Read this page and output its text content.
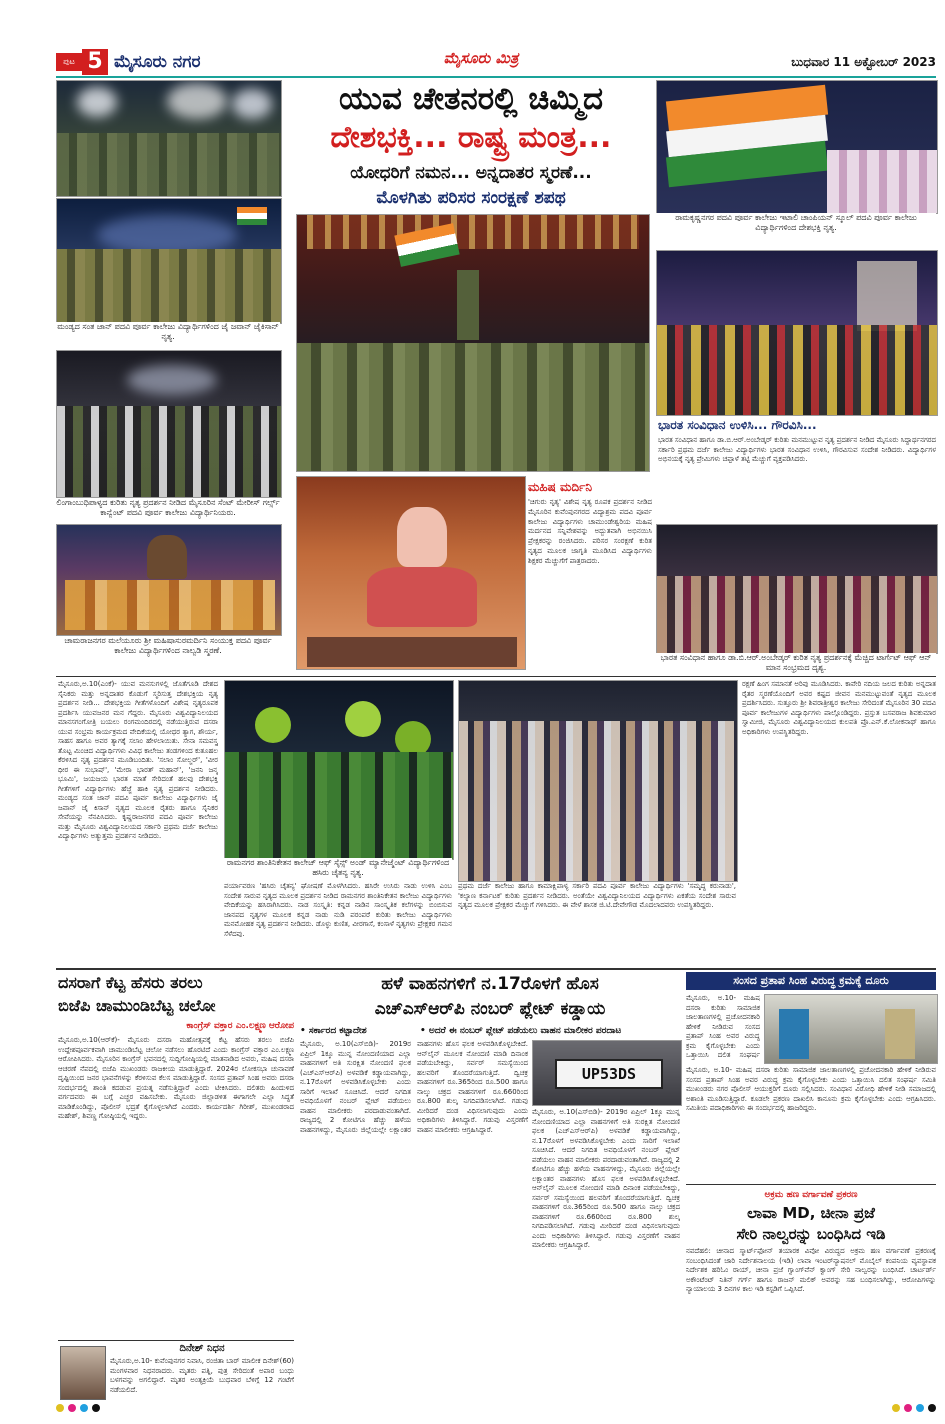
ಪುಟ 5 ಮೈಸೂರು ನಗರ	ಮೈಸೂರು ಮಿತ್ರ	ಬುಧವಾರ 11 ಅಕ್ಟೋಬರ್ 2023
ಮಂಡ್ಯದ ಸಂತ ಜಾನ್ ಪದವಿ ಪೂರ್ವ ಕಾಲೇಜು ವಿದ್ಯಾರ್ಥಿಗಳಿಂದ ಜೈ ಜವಾನ್ ಜೈಕಿಸಾನ್ ನೃತ್ಯ.
ಲಿಂಗಾಂಬುಧಿಪಾಳ್ಯದ ಕುರಿತು ನೃತ್ಯ ಪ್ರದರ್ಶನ ನೀಡಿದ ಮೈಸೂರಿನ ಸೆಂಟ್ ಮೇರೀಸ್ ಗರ್ಲ್ಸ್ ಕಾನ್ವೆಂಟ್ ಪದವಿ ಪೂರ್ವ ಕಾಲೇಜು ವಿದ್ಯಾರ್ಥಿನಿಯರು.
ಚಾಮರಾಜನಗರ ಮಲೆಯೂರು ಶ್ರೀ ಮಹಿಷಾಸುರಮರ್ದಿನಿ ಸಂಯುಕ್ತ ಪದವಿ ಪೂರ್ವ ಕಾಲೇಜು ವಿದ್ಯಾರ್ಥಿಗಳಿಂದ ನಾಲ್ವಡಿ ಸ್ಮರಣೆ.
ಯುವ ಚೇತನರಲ್ಲಿ ಚಿಮ್ಮಿದ
ದೇಶಭಕ್ತಿ... ರಾಷ್ಟ್ರ ಮಂತ್ರ...
ಯೋಧರಿಗೆ ನಮನ... ಅನ್ನದಾತರ ಸ್ಮರಣೆ...
ಮೊಳಗಿತು ಪರಿಸರ ಸಂರಕ್ಷಣೆ ಶಪಥ
ರಾಮಕೃಷ್ಣನಗರ ಪದವಿ ಪೂರ್ವ ಕಾಲೇಜು ಇಟಾಲಿ ಚಾಂಪಿಯನ್ ಸ್ಕೂಲ್ ಪದವಿ ಪೂರ್ವ ಕಾಲೇಜು ವಿದ್ಯಾರ್ಥಿಗಳಿಂದ ದೇಶಭಕ್ತಿ ನೃತ್ಯ.
ಭಾರತ ಸಂವಿಧಾನ ಉಳಿಸಿ... ಗೌರವಿಸಿ...
ಭಾರತ ಸಂವಿಧಾನ ಹಾಗೂ ಡಾ.ಬಿ.ಆರ್.ಅಂಬೇಡ್ಕರ್ ಕುರಿತು ಮನಮುಟ್ಟುವ ನೃತ್ಯ ಪ್ರದರ್ಶನ ನೀಡಿದ ಮೈಸೂರು ಸಿದ್ಧಾರ್ಥನಗರದ ಸರ್ಕಾರಿ ಪ್ರಥಮ ದರ್ಜೆ ಕಾಲೇಜು ವಿದ್ಯಾರ್ಥಿಗಳು ಭಾರತ ಸಂವಿಧಾನ ಉಳಿಸಿ, ಗೌರವಿಸುವ ಸಂದೇಶ ನೀಡಿದರು. ವಿದ್ಯಾರ್ಥಿಗಳ ಅಭಿನಯಕ್ಕೆ ನೃತ್ಯ ಪ್ರೇಮಿಗಳು ಚಪ್ಪಾಳೆ ತಟ್ಟಿ ಮೆಚ್ಚುಗೆ ವ್ಯಕ್ತಪಡಿಸಿದರು.
ಭಾರತ ಸಂವಿಧಾನ ಹಾಗೂ ಡಾ.ಬಿ.ಆರ್.ಅಂಬೇಡ್ಕರ್ ಕುರಿತ ನೃತ್ಯ ಪ್ರದರ್ಶನಕ್ಕೆ ಮೆಚ್ಚಿದ ಟಾರ್ಗೆಟ್ ಆಫ್ ಆನ್ ಮಾನ ಸಂಭ್ರಮದ ದೃಶ್ಯ.
ಮಹಿಷ ಮರ್ದಿನಿ
'ಚಿಗುರು ನೃತ್ಯ' ವಿಶೇಷ ನೃತ್ಯ ರೂಪಕ ಪ್ರದರ್ಶನ ನೀಡಿದ ಮೈಸೂರಿನ ಕುವೆಂಪುನಗರದ ವಿದ್ಯಾಶ್ರಮ ಪದವಿ ಪೂರ್ವ ಕಾಲೇಜು ವಿದ್ಯಾರ್ಥಿಗಳು ಚಾಮುಂಡೇಶ್ವರಿಯ ಮಹಿಷ ಮರ್ದನದ ಸನ್ನಿವೇಶವನ್ನು ಅದ್ಭುತವಾಗಿ ಅಭಿನಯಿಸಿ ಪ್ರೇಕ್ಷಕರನ್ನು ರಂಜಿಸಿದರು. ಪರಿಸರ ಸಂರಕ್ಷಣೆ ಕುರಿತ ನೃತ್ಯದ ಮೂಲಕ ಜಾಗೃತಿ ಮೂಡಿಸಿದ ವಿದ್ಯಾರ್ಥಿಗಳು ಶಿಕ್ಷಕರ ಮೆಚ್ಚುಗೆಗೆ ಪಾತ್ರರಾದರು.
ಮೈಸೂರು,ಅ.10(ಎಂಕೆ)- ಯುವ ಮನಸುಗಳಲ್ಲಿ ಜೊತೆಗೂಡಿ ದೇಶದ ಸೈನಿಕರು ಮತ್ತು ಅನ್ನದಾತರ ಕೊಡುಗೆ ಸ್ಮರಿಸುತ್ತ ದೇಶಭಕ್ತಿಯ ನೃತ್ಯ ಪ್ರದರ್ಶನ ನೀಡಿ... ದೇಶಭಕ್ತಿಯ ಗೀತೆಗಳೊಂದಿಗೆ ವಿಶೇಷ ನೃತ್ಯರೂಪಕ ಪ್ರದರ್ಶಿಸಿ ಯುವಜನರ ಮನ ಗೆದ್ದರು. ಮೈಸೂರು ವಿಶ್ವವಿದ್ಯಾನಿಲಯದ ಮಾನಸಗಂಗೋತ್ರಿ ಬಯಲು ರಂಗಮಂದಿರದಲ್ಲಿ ನಡೆಯುತ್ತಿರುವ ದಸರಾ ಯುವ ಸಂಭ್ರಮ ಕಾರ್ಯಕ್ರಮದ ವೇದಿಕೆಯಲ್ಲಿ ಯೋಧರ ತ್ಯಾಗ, ಶೌರ್ಯ, ಸಾಹಸ ಹಾಗೂ ಅವರ ತ್ಯಾಗಕ್ಕೆ ಸಲಾಂ ಹೇಳಲಾಯಿತು. ಸೇನಾ ಸಮವಸ್ತ್ರ ತೊಟ್ಟ ಮಿಂಚಿದ ವಿದ್ಯಾರ್ಥಿಗಳು ವಿವಿಧ ಕಾಲೇಜು ತಂಡಗಳಿಂದ ಕುತೂಹಲ ಕೆರಳಿಸಿದ ನೃತ್ಯ ಪ್ರದರ್ಶನ ಮೂಡಿಬಂದಿತು. 'ಸಲಾಂ ಸೋಲ್ಜರ್', 'ವೀರ ಧೀರ ಈ ಸುಭಾಷ್', 'ಮೇರಾ ಭಾರತ್ ಮಹಾನ್', 'ಜನನಿ ಜನ್ಮ ಭೂಮಿ', ಜಯಜಯ ಭಾರತ ಮಾತೆ ಸೇರಿದಂತೆ ಹಲವು ದೇಶಭಕ್ತಿ ಗೀತೆಗಳಿಗೆ ವಿದ್ಯಾರ್ಥಿಗಳು ಹೆಜ್ಜೆ ಹಾಕಿ ನೃತ್ಯ ಪ್ರದರ್ಶನ ನೀಡಿದರು. ಮಂಡ್ಯದ ಸಂತ ಜಾನ್ ಪದವಿ ಪೂರ್ವ ಕಾಲೇಜು ವಿದ್ಯಾರ್ಥಿಗಳು ಜೈ ಜವಾನ್ ಜೈ ಕಿಸಾನ್ ನೃತ್ಯದ ಮೂಲಕ ರೈತರು ಹಾಗೂ ಸೈನಿಕರ ಸೇವೆಯನ್ನು ನೆನಪಿಸಿದರು. ಕೃಷ್ಣರಾಜನಗರ ಪದವಿ ಪೂರ್ವ ಕಾಲೇಜು ಮತ್ತು ಮೈಸೂರು ವಿಶ್ವವಿದ್ಯಾನಿಲಯದ ಸರ್ಕಾರಿ ಪ್ರಥಮ ದರ್ಜೆ ಕಾಲೇಜು ವಿದ್ಯಾರ್ಥಿಗಳು ಅತ್ಯುತ್ತಮ ಪ್ರದರ್ಶನ ನೀಡಿದರು.
ರಾಮನಗರ ಶಾಂತಿನಿಕೇತನ ಕಾಲೇಜ್ ಆಫ್ ಸೈನ್ಸ್ ಅಂಡ್ ಮ್ಯಾನೇಜ್ಮೆಂಟ್ ವಿದ್ಯಾರ್ಥಿಗಳಿಂದ ಹಸಿರು ಚೈತನ್ಯ ನೃತ್ಯ.
ರಕ್ಷಣೆ ಹಿಂಗ ಸಮಾನತೆ ಅರಿವು ಮೂಡಿಸಿದರು. ಕಾವೇರಿ ನದಿಯ ಜಲದ ಕುರಿತು ಅನ್ನದಾತ ರೈತರ ಸ್ಮರಣೆಯೊಂದಿಗೆ ಅವರ ಕಷ್ಟದ ಜೀವನ ಮನಮುಟ್ಟುವಂತೆ ನೃತ್ಯದ ಮೂಲಕ ಪ್ರದರ್ಶಿಸಿದರು. ಸುತ್ತೂರು ಶ್ರೀ ಶಿವರಾತ್ರೀಶ್ವರ ಕಾಲೇಜು ಸೇರಿದಂತೆ ಮೈಸೂರಿನ 30 ಪದವಿ ಪೂರ್ವ ಕಾಲೇಜುಗಳ ವಿದ್ಯಾರ್ಥಿಗಳು ಪಾಲ್ಗೊಂಡಿದ್ದರು. ಪ್ರಸ್ತುತ ಬಸವರಾಜ ಶಿವಕುಮಾರ ಸ್ವಾಮೀಜಿ, ಮೈಸೂರು ವಿಶ್ವವಿದ್ಯಾನಿಲಯದ ಕುಲಪತಿ ಪ್ರೊ.ಎನ್.ಕೆ.ಲೋಕನಾಥ್ ಹಾಗೂ ಅಧಿಕಾರಿಗಳು ಉಪಸ್ಥಿತರಿದ್ದರು.
ಪರ್ಯಾವರಣ 'ಹಸಿರು ಚೈತನ್ಯ' ಘೋಷಣೆ ಮೊಳಗಿಸಿದರು. ಹಸಿರೇ ಉಸಿರು ನಾಡು ಉಳಿಸಿ ಎಂಬ ಸಂದೇಶ ಸಾರುವ ನೃತ್ಯದ ಮೂಲಕ ಪ್ರದರ್ಶನ ನೀಡಿದ ರಾಮನಗರ ಶಾಂತಿನಿಕೇತನ ಕಾಲೇಜು ವಿದ್ಯಾರ್ಥಿಗಳು ವೇದಿಕೆಯನ್ನು ಹಸಿರಾಗಿಸಿದರು. ನಾಡ ಸಂಸ್ಕೃತಿ: ಕನ್ನಡ ನಾಡಿನ ಸಾಂಸ್ಕೃತಿಕ ಕಲೆಗಳನ್ನು ಬಿಂಬಿಸುವ ಜಾನಪದ ನೃತ್ಯಗಳ ಮೂಲಕ ಕನ್ನಡ ನಾಡು ನುಡಿ ಪರಂಪರೆ ಕುರಿತು ಕಾಲೇಜು ವಿದ್ಯಾರ್ಥಿಗಳು ಮನಮೋಹಕ ನೃತ್ಯ ಪ್ರದರ್ಶನ ನೀಡಿದರು. ಡೊಳ್ಳು ಕುಣಿತ, ವೀರಗಾಸೆ, ಕಂಸಾಳೆ ನೃತ್ಯಗಳು ಪ್ರೇಕ್ಷಕರ ಗಮನ ಸೆಳೆದವು.
ಪ್ರಥಮ ದರ್ಜೆ ಕಾಲೇಜು ಹಾಗೂ ಕಾಮಾಕ್ಷಿಪಾಳ್ಯ ಸರ್ಕಾರಿ ಪದವಿ ಪೂರ್ವ ಕಾಲೇಜು ವಿದ್ಯಾರ್ಥಿಗಳು 'ಸಮೃದ್ಧ ಕರುನಾಡು', 'ಕಲ್ಯಾಣ ಕರ್ನಾಟಕ' ಕುರಿತು ಪ್ರದರ್ಶನ ನೀಡಿದರು. ಅಂತೆಯೇ ವಿಶ್ವವಿದ್ಯಾನಿಲಯದ ವಿದ್ಯಾರ್ಥಿಗಳು ಏಕತೆಯ ಸಂದೇಶ ಸಾರುವ ನೃತ್ಯದ ಮೂಲಕ ಪ್ರೇಕ್ಷಕರ ಮೆಚ್ಚುಗೆ ಗಳಿಸಿದರು. ಈ ವೇಳೆ ಶಾಸಕ ಜಿ.ಟಿ.ದೇವೇಗೌಡ ಮೊದಲಾದವರು ಉಪಸ್ಥಿತರಿದ್ದರು.
ದಸರಾಗೆ ಕೆಟ್ಟ ಹೆಸರು ತರಲು
ಬಿಜೆಪಿ ಚಾಮುಂಡಿಬೆಟ್ಟ ಚಲೋ
ಕಾಂಗ್ರೆಸ್ ವಕ್ತಾರ ಎಂ.ಲಕ್ಷ್ಮಣ ಆರೋಪ
ಮೈಸೂರು,ಅ.10(ಆರ್‌ಕೆ)- ಮೈಸೂರು ದಸರಾ ಮಹೋತ್ಸವಕ್ಕೆ ಕೆಟ್ಟ ಹೆಸರು ತರಲು ಬಿಜೆಪಿ ಉದ್ದೇಶಪೂರ್ವಕವಾಗಿ ಚಾಮುಂಡಿಬೆಟ್ಟ ಚಲೋ ನಡೆಸಲು ಹೊರಟಿದೆ ಎಂದು ಕಾಂಗ್ರೆಸ್ ವಕ್ತಾರ ಎಂ.ಲಕ್ಷ್ಮಣ ಆರೋಪಿಸಿದರು. ಮೈಸೂರಿನ ಕಾಂಗ್ರೆಸ್ ಭವನದಲ್ಲಿ ಸುದ್ದಿಗೋಷ್ಠಿಯಲ್ಲಿ ಮಾತನಾಡಿದ ಅವರು, ಮಹಿಷ ದಸರಾ ಆಚರಣೆ ನೆಪದಲ್ಲಿ ಬಿಜೆಪಿ ಮುಖಂಡರು ರಾಜಕೀಯ ಮಾಡುತ್ತಿದ್ದಾರೆ. 2024ರ ಲೋಕಸಭಾ ಚುನಾವಣೆ ದೃಷ್ಟಿಯಿಂದ ಜನರ ಭಾವನೆಗಳನ್ನು ಕೆರಳಿಸುವ ಕೆಲಸ ಮಾಡುತ್ತಿದ್ದಾರೆ. ಸಂಸದ ಪ್ರತಾಪ್ ಸಿಂಹ ಅವರು ದಸರಾ ಸಂದರ್ಭದಲ್ಲಿ ಶಾಂತಿ ಕದಡುವ ಪ್ರಯತ್ನ ನಡೆಸುತ್ತಿದ್ದಾರೆ ಎಂದು ಟೀಕಿಸಿದರು. ದಲಿತರು ಹಿಂದುಳಿದ ವರ್ಗದವರು ಈ ಬಗ್ಗೆ ಎಚ್ಚರ ವಹಿಸಬೇಕು. ಮೈಸೂರು ಜಿಲ್ಲಾಡಳಿತ ಈಗಾಗಲೇ ಎಲ್ಲಾ ಸಿದ್ಧತೆ ಮಾಡಿಕೊಂಡಿದ್ದು, ಪೊಲೀಸ್ ಭದ್ರತೆ ಕೈಗೊಳ್ಳಲಾಗಿದೆ ಎಂದರು. ಕಾರ್ಯದರ್ಶಿ ಗಿರೀಶ್, ಮುಖಂಡರಾದ ಮಹೇಶ್, ಶಿವಣ್ಣ ಗೋಷ್ಠಿಯಲ್ಲಿ ಇದ್ದರು.
ದಿನೇಶ್ ನಿಧನ
ಮೈಸೂರು,ಅ.10- ಕುವೆಂಪುನಗರ ನಿವಾಸಿ, ರಂಜಿತಾ ಬಾರ್ ಮಾಲೀಕ ದಿನೇಶ್(60) ಮಂಗಳವಾರ ನಿಧನರಾದರು. ಮೃತರು ಪತ್ನಿ, ಪುತ್ರ ಸೇರಿದಂತೆ ಅಪಾರ ಬಂಧು ಬಳಗವನ್ನು ಅಗಲಿದ್ದಾರೆ. ಮೃತರ ಅಂತ್ಯಕ್ರಿಯೆ ಬುಧವಾರ ಬೆಳಿಗ್ಗೆ 12 ಗಂಟೆಗೆ ನಡೆಯಲಿದೆ.
ಹಳೆ ವಾಹನಗಳಿಗೆ ನ.17ರೊಳಗೆ ಹೊಸ
ಎಚ್‌ಎಸ್‌ಆರ್‌ಪಿ ನಂಬರ್ ಪ್ಲೇಟ್ ಕಡ್ಡಾಯ
• ಸರ್ಕಾರದ ಕಟ್ಟಾದೇಶ	• ಅದರೆ ಈ ನಂಬರ್ ಪ್ಲೇಟ್ ಪಡೆಯಲು ವಾಹನ ಮಾಲೀಕರ ಪರದಾಟ
ಮೈಸೂರು, ಅ.10(ಎಸ್‌ಬಿಡಿ)- 2019ರ ಏಪ್ರಿಲ್ 1ಕ್ಕೂ ಮುನ್ನ ನೋಂದಣಿಯಾದ ಎಲ್ಲಾ ವಾಹನಗಳಿಗೆ ಅತಿ ಸುರಕ್ಷಿತ ನೋಂದಣಿ ಫಲಕ (ಎಚ್‌ಎಸ್‌ಆರ್‌ಪಿ) ಅಳವಡಿಕೆ ಕಡ್ಡಾಯವಾಗಿದ್ದು, ನ.17ರೊಳಗೆ ಅಳವಡಿಸಿಕೊಳ್ಳಬೇಕು ಎಂದು ಸಾರಿಗೆ ಇಲಾಖೆ ಸೂಚಿಸಿದೆ. ಆದರೆ ನಿಗದಿತ ಅವಧಿಯೊಳಗೆ ನಂಬರ್ ಪ್ಲೇಟ್ ಪಡೆಯಲು ವಾಹನ ಮಾಲೀಕರು ಪರದಾಡುವಂತಾಗಿದೆ. ರಾಜ್ಯದಲ್ಲಿ 2 ಕೋಟಿಗೂ ಹೆಚ್ಚು ಹಳೆಯ ವಾಹನಗಳಿದ್ದು, ಮೈಸೂರು ಜಿಲ್ಲೆಯಲ್ಲೇ ಲಕ್ಷಾಂತರ ವಾಹನಗಳು ಹೊಸ ಫಲಕ ಅಳವಡಿಸಿಕೊಳ್ಳಬೇಕಿದೆ. ಆನ್‌ಲೈನ್ ಮೂಲಕ ನೋಂದಣಿ ಮಾಡಿ ದಿನಾಂಕ ಪಡೆಯಬೇಕಿದ್ದು, ಸರ್ವರ್ ಸಮಸ್ಯೆಯಿಂದ ಹಲವರಿಗೆ ತೊಂದರೆಯಾಗುತ್ತಿದೆ. ದ್ವಿಚಕ್ರ ವಾಹನಗಳಿಗೆ ರೂ.365ರಿಂದ ರೂ.500 ಹಾಗೂ ನಾಲ್ಕು ಚಕ್ರದ ವಾಹನಗಳಿಗೆ ರೂ.660ರಿಂದ ರೂ.800 ಶುಲ್ಕ ನಿಗದಿಪಡಿಸಲಾಗಿದೆ. ಗಡುವು ಮೀರಿದರೆ ದಂಡ ವಿಧಿಸಲಾಗುವುದು ಎಂದು ಅಧಿಕಾರಿಗಳು ತಿಳಿಸಿದ್ದಾರೆ. ಗಡುವು ವಿಸ್ತರಣೆಗೆ ವಾಹನ ಮಾಲೀಕರು ಆಗ್ರಹಿಸಿದ್ದಾರೆ.
UP53DS
ಮೈಸೂರು, ಅ.10(ಎಸ್‌ಬಿಡಿ)- 2019ರ ಏಪ್ರಿಲ್ 1ಕ್ಕೂ ಮುನ್ನ ನೋಂದಣಿಯಾದ ಎಲ್ಲಾ ವಾಹನಗಳಿಗೆ ಅತಿ ಸುರಕ್ಷಿತ ನೋಂದಣಿ ಫಲಕ (ಎಚ್‌ಎಸ್‌ಆರ್‌ಪಿ) ಅಳವಡಿಕೆ ಕಡ್ಡಾಯವಾಗಿದ್ದು, ನ.17ರೊಳಗೆ ಅಳವಡಿಸಿಕೊಳ್ಳಬೇಕು ಎಂದು ಸಾರಿಗೆ ಇಲಾಖೆ ಸೂಚಿಸಿದೆ. ಆದರೆ ನಿಗದಿತ ಅವಧಿಯೊಳಗೆ ನಂಬರ್ ಪ್ಲೇಟ್ ಪಡೆಯಲು ವಾಹನ ಮಾಲೀಕರು ಪರದಾಡುವಂತಾಗಿದೆ. ರಾಜ್ಯದಲ್ಲಿ 2 ಕೋಟಿಗೂ ಹೆಚ್ಚು ಹಳೆಯ ವಾಹನಗಳಿದ್ದು, ಮೈಸೂರು ಜಿಲ್ಲೆಯಲ್ಲೇ ಲಕ್ಷಾಂತರ ವಾಹನಗಳು ಹೊಸ ಫಲಕ ಅಳವಡಿಸಿಕೊಳ್ಳಬೇಕಿದೆ. ಆನ್‌ಲೈನ್ ಮೂಲಕ ನೋಂದಣಿ ಮಾಡಿ ದಿನಾಂಕ ಪಡೆಯಬೇಕಿದ್ದು, ಸರ್ವರ್ ಸಮಸ್ಯೆಯಿಂದ ಹಲವರಿಗೆ ತೊಂದರೆಯಾಗುತ್ತಿದೆ. ದ್ವಿಚಕ್ರ ವಾಹನಗಳಿಗೆ ರೂ.365ರಿಂದ ರೂ.500 ಹಾಗೂ ನಾಲ್ಕು ಚಕ್ರದ ವಾಹನಗಳಿಗೆ ರೂ.660ರಿಂದ ರೂ.800 ಶುಲ್ಕ ನಿಗದಿಪಡಿಸಲಾಗಿದೆ. ಗಡುವು ಮೀರಿದರೆ ದಂಡ ವಿಧಿಸಲಾಗುವುದು ಎಂದು ಅಧಿಕಾರಿಗಳು ತಿಳಿಸಿದ್ದಾರೆ. ಗಡುವು ವಿಸ್ತರಣೆಗೆ ವಾಹನ ಮಾಲೀಕರು ಆಗ್ರಹಿಸಿದ್ದಾರೆ.
ಸಂಸದ ಪ್ರತಾಪ ಸಿಂಹ ವಿರುದ್ಧ ಕ್ರಮಕ್ಕೆ ದೂರು
ಮೈಸೂರು, ಅ.10- ಮಹಿಷ ದಸರಾ ಕುರಿತು ಸಾಮಾಜಿಕ ಜಾಲತಾಣಗಳಲ್ಲಿ ಪ್ರಚೋದನಕಾರಿ ಹೇಳಿಕೆ ನೀಡಿರುವ ಸಂಸದ ಪ್ರತಾಪ್ ಸಿಂಹ ಅವರ ವಿರುದ್ಧ ಕ್ರಮ ಕೈಗೊಳ್ಳಬೇಕು ಎಂದು ಒತ್ತಾಯಿಸಿ ದಲಿತ ಸಂಘರ್ಷ
ಮೈಸೂರು, ಅ.10- ಮಹಿಷ ದಸರಾ ಕುರಿತು ಸಾಮಾಜಿಕ ಜಾಲತಾಣಗಳಲ್ಲಿ ಪ್ರಚೋದನಕಾರಿ ಹೇಳಿಕೆ ನೀಡಿರುವ ಸಂಸದ ಪ್ರತಾಪ್ ಸಿಂಹ ಅವರ ವಿರುದ್ಧ ಕ್ರಮ ಕೈಗೊಳ್ಳಬೇಕು ಎಂದು ಒತ್ತಾಯಿಸಿ ದಲಿತ ಸಂಘರ್ಷ ಸಮಿತಿ ಮುಖಂಡರು ನಗರ ಪೊಲೀಸ್ ಆಯುಕ್ತರಿಗೆ ದೂರು ಸಲ್ಲಿಸಿದರು. ಸಂವಿಧಾನ ವಿರೋಧಿ ಹೇಳಿಕೆ ನೀಡಿ ಸಮಾಜದಲ್ಲಿ ಅಶಾಂತಿ ಮೂಡಿಸುತ್ತಿದ್ದಾರೆ. ಕೂಡಲೇ ಪ್ರಕರಣ ದಾಖಲಿಸಿ ಕಾನೂನು ಕ್ರಮ ಕೈಗೊಳ್ಳಬೇಕು ಎಂದು ಆಗ್ರಹಿಸಿದರು. ಸಮಿತಿಯ ಪದಾಧಿಕಾರಿಗಳು ಈ ಸಂದರ್ಭದಲ್ಲಿ ಹಾಜರಿದ್ದರು.
ಅಕ್ರಮ ಹಣ ವರ್ಗಾವಣೆ ಪ್ರಕರಣ
ಲಾವಾ MD, ಚೀನಾ ಪ್ರಜೆ
ಸೇರಿ ನಾಲ್ವರನ್ನು ಬಂಧಿಸಿದ ಇಡಿ
ನವದೆಹಲಿ: ಚೀನಾದ ಸ್ಮಾರ್ಟ್‌ಫೋನ್ ತಯಾರಕ ವಿವೋ ವಿರುದ್ಧದ ಅಕ್ರಮ ಹಣ ವರ್ಗಾವಣೆ ಪ್ರಕರಣಕ್ಕೆ ಸಂಬಂಧಿಸಿದಂತೆ ಜಾರಿ ನಿರ್ದೇಶನಾಲಯ (ಇಡಿ) ಲಾವಾ ಇಂಟರ್‌ನ್ಯಾಷನಲ್ ಮೊಬೈಲ್ ಕಂಪನಿಯ ವ್ಯವಸ್ಥಾಪಕ ನಿರ್ದೇಶಕ ಹರಿಓಂ ರಾಯ್, ಚೀನಾ ಪ್ರಜೆ ಗ್ವಾಂಗ್‌ವೆನ್ ಕ್ವಾಂಗ್ ಸೇರಿ ನಾಲ್ವರನ್ನು ಬಂಧಿಸಿದೆ. ಚಾರ್ಟರ್ಡ್ ಅಕೌಂಟೆಂಟ್ ನಿತಿನ್ ಗರ್ಗ್ ಹಾಗೂ ರಾಜನ್ ಮಲಿಕ್ ಅವರನ್ನು ಸಹ ಬಂಧಿಸಲಾಗಿದ್ದು, ಆರೋಪಿಗಳನ್ನು ನ್ಯಾಯಾಲಯ 3 ದಿನಗಳ ಕಾಲ ಇಡಿ ಕಸ್ಟಡಿಗೆ ಒಪ್ಪಿಸಿದೆ.
